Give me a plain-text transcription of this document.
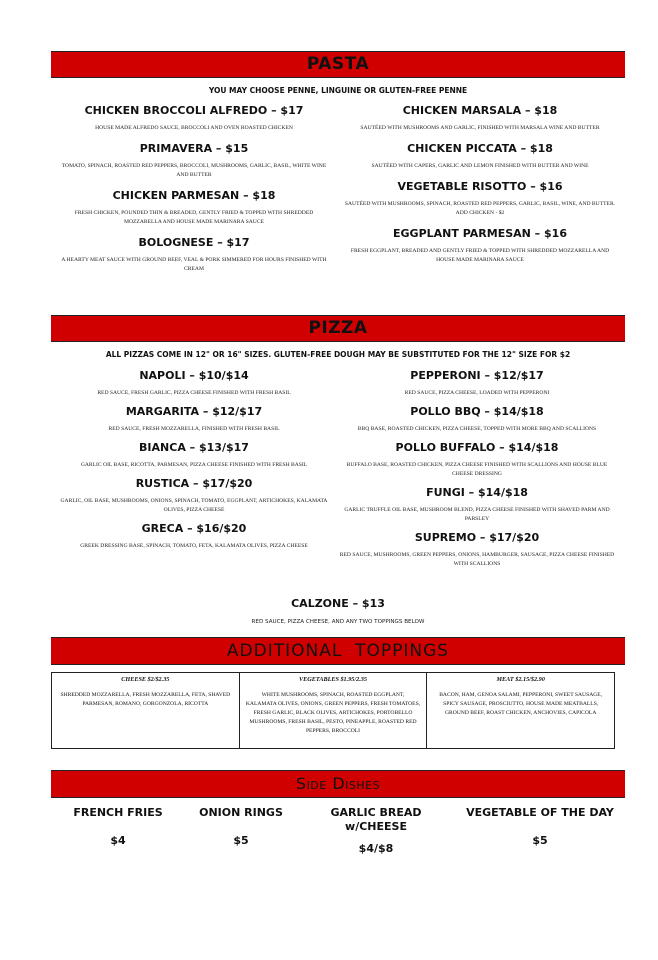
PASTA
YOU MAY CHOOSE PENNE, LINGUINE OR GLUTEN-FREE PENNE
CHICKEN BROCCOLI ALFREDO – $17
HOUSE MADE ALFREDO SAUCE, BROCCOLI AND OVEN ROASTED CHICKEN
PRIMAVERA – $15
TOMATO, SPINACH, ROASTED RED PEPPERS, BROCCOLI, MUSHROOMS, GARLIC, BASIL, WHITE WINE AND BUTTER
CHICKEN PARMESAN – $18
FRESH CHICKEN, POUNDED THIN & BREADED, GENTLY FRIED & TOPPED WITH SHREDDED MOZZARELLA AND HOUSE MADE MARINARA SAUCE
BOLOGNESE – $17
A HEARTY MEAT SAUCE WITH GROUND BEEF, VEAL & PORK SIMMERED FOR HOURS FINISHED WITH CREAM
CHICKEN MARSALA – $18
SAUTÉED WITH MUSHROOMS AND GARLIC, FINISHED WITH MARSALA WINE AND BUTTER
CHICKEN PICCATA – $18
SAUTÉED WITH CAPERS, GARLIC AND LEMON FINISHED WITH BUTTER AND WINE
VEGETABLE RISOTTO – $16
SAUTÉED WITH MUSHROOMS, SPINACH, ROASTED RED PEPPERS, GARLIC, BASIL, WINE, AND BUTTER. ADD CHICKEN - $2
EGGPLANT PARMESAN – $16
FRESH EGGPLANT, BREADED AND GENTLY FRIED & TOPPED WITH SHREDDED MOZZARELLA AND HOUSE MADE MARINARA SAUCE
PIZZA
ALL PIZZAS COME IN 12" OR 16" SIZES. GLUTEN-FREE DOUGH MAY BE SUBSTITUTED FOR THE 12" SIZE FOR $2
NAPOLI – $10/$14
RED SAUCE, FRESH GARLIC, PIZZA CHEESE FINISHED WITH FRESH BASIL
MARGARITA – $12/$17
RED SAUCE, FRESH MOZZARELLA, FINISHED WITH FRESH BASIL
BIANCA – $13/$17
GARLIC OIL BASE, RICOTTA, PARMESAN, PIZZA CHEESE FINISHED WITH FRESH BASIL
RUSTICA – $17/$20
GARLIC, OIL BASE, MUSHROOMS, ONIONS, SPINACH, TOMATO, EGGPLANT, ARTICHOKES, KALAMATA OLIVES, PIZZA CHEESE
GRECA – $16/$20
GREEK DRESSING BASE, SPINACH, TOMATO, FETA, KALAMATA OLIVES, PIZZA CHEESE
PEPPERONI – $12/$17
RED SAUCE, PIZZA CHEESE, LOADED WITH PEPPERONI
POLLO BBQ – $14/$18
BBQ BASE, ROASTED CHICKEN, PIZZA CHEESE, TOPPED WITH MORE BBQ AND SCALLIONS
POLLO BUFFALO – $14/$18
BUFFALO BASE, ROASTED CHICKEN, PIZZA CHEESE FINISHED WITH SCALLIONS AND HOUSE BLUE CHEESE DRESSING
FUNGI – $14/$18
GARLIC TRUFFLE OIL BASE, MUSHROOM BLEND, PIZZA CHEESE FINISHED WITH SHAVED PARM AND PARSLEY
SUPREMO – $17/$20
RED SAUCE, MUSHROOMS, GREEN PEPPERS, ONIONS, HAMBURGER, SAUSAGE, PIZZA CHEESE FINISHED WITH SCALLIONS
CALZONE – $13
RED SAUCE, PIZZA CHEESE, AND ANY TWO TOPPINGS BELOW
ADDITIONAL  TOPPINGS
CHEESE $2/$2.35
SHREDDED MOZZARELLA, FRESH MOZZARELLA, FETA, SHAVED PARMESAN, ROMANO, GORGONZOLA, RICOTTA

VEGETABLES $1.95/2.35
WHITE MUSHROOMS, SPINACH, ROASTED EGGPLANT, KALAMATA OLIVES, ONIONS, GREEN PEPPERS, FRESH TOMATOES, FRESH GARLIC, BLACK OLIVES, ARTICHOKES, PORTOBELLO MUSHROOMS, FRESH BASIL, PESTO, PINEAPPLE, ROASTED RED PEPPERS, BROCCOLI

MEAT $2.15/$2.90
BACON, HAM, GENOA SALAMI, PEPPERONI, SWEET SAUSAGE, SPICY SAUSAGE, PROSCIUTTO, HOUSE MADE MEATBALLS, GROUND BEEF, ROAST CHICKEN, ANCHOVIES, CAPICOLA
Side Dishes
FRENCH FRIES
$4
ONION RINGS
$5
GARLIC BREAD w/CHEESE
$4/$8
VEGETABLE OF THE DAY
$5
